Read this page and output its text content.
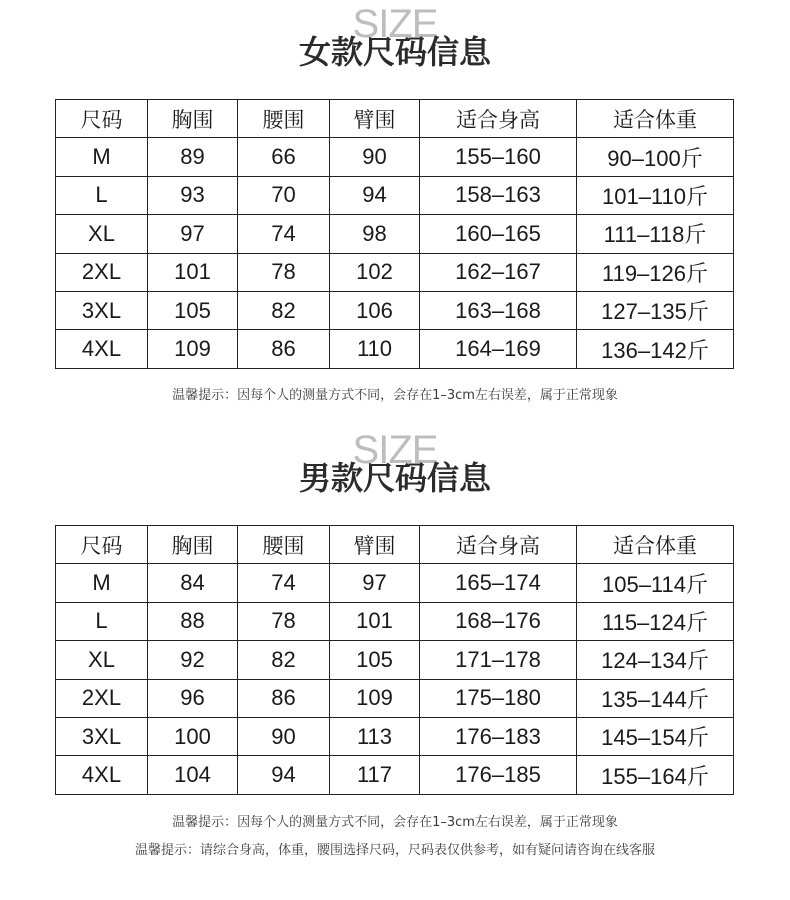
SIZE
女款尺码信息
尺码	胸围	腰围	臂围	适合身高	适合体重
M	89	66	90	155–160	90–100斤
L	93	70	94	158–163	101–110斤
XL	97	74	98	160–165	111–118斤
2XL	101	78	102	162–167	119–126斤
3XL	105	82	106	163–168	127–135斤
4XL	109	86	110	164–169	136–142斤
温馨提示：因每个人的测量方式不同，会存在1–3cm左右误差，属于正常现象
SIZE
男款尺码信息
尺码	胸围	腰围	臂围	适合身高	适合体重
M	84	74	97	165–174	105–114斤
L	88	78	101	168–176	115–124斤
XL	92	82	105	171–178	124–134斤
2XL	96	86	109	175–180	135–144斤
3XL	100	90	113	176–183	145–154斤
4XL	104	94	117	176–185	155–164斤
温馨提示：因每个人的测量方式不同，会存在1–3cm左右误差，属于正常现象
温馨提示：请综合身高，体重，腰围选择尺码，尺码表仅供参考，如有疑问请咨询在线客服
